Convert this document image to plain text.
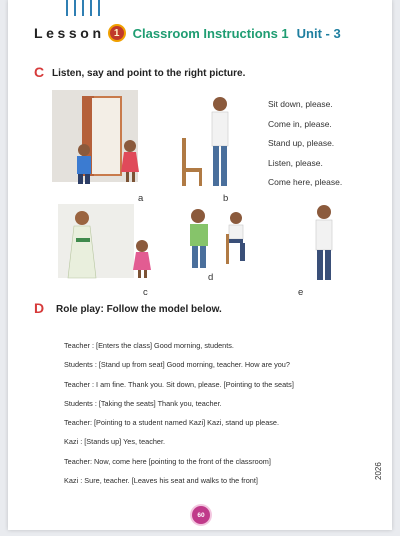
Lesson 1	Classroom Instructions 1 Unit - 3
C Listen, say and point to the right picture.
a	b
c
d
e
Sit down, please.
Come in, please.
Stand up, please.
Listen, please.
Come here, please.
D Role play: Follow the model below.
Teacher : [Enters the class] Good morning, students.
Students : [Stand up from seat] Good morning, teacher. How are you?
Teacher : I am fine. Thank you. Sit down, please. [Pointing to the seats]
Students : [Taking the seats] Thank you, teacher.
Teacher: [Pointing to a student named Kazi] Kazi, stand up please.
Kazi : [Stands up] Yes, teacher.
Teacher: Now, come here [pointing to the front of the classroom]
Kazi : Sure, teacher. [Leaves his seat and walks to the front]
2026
60
